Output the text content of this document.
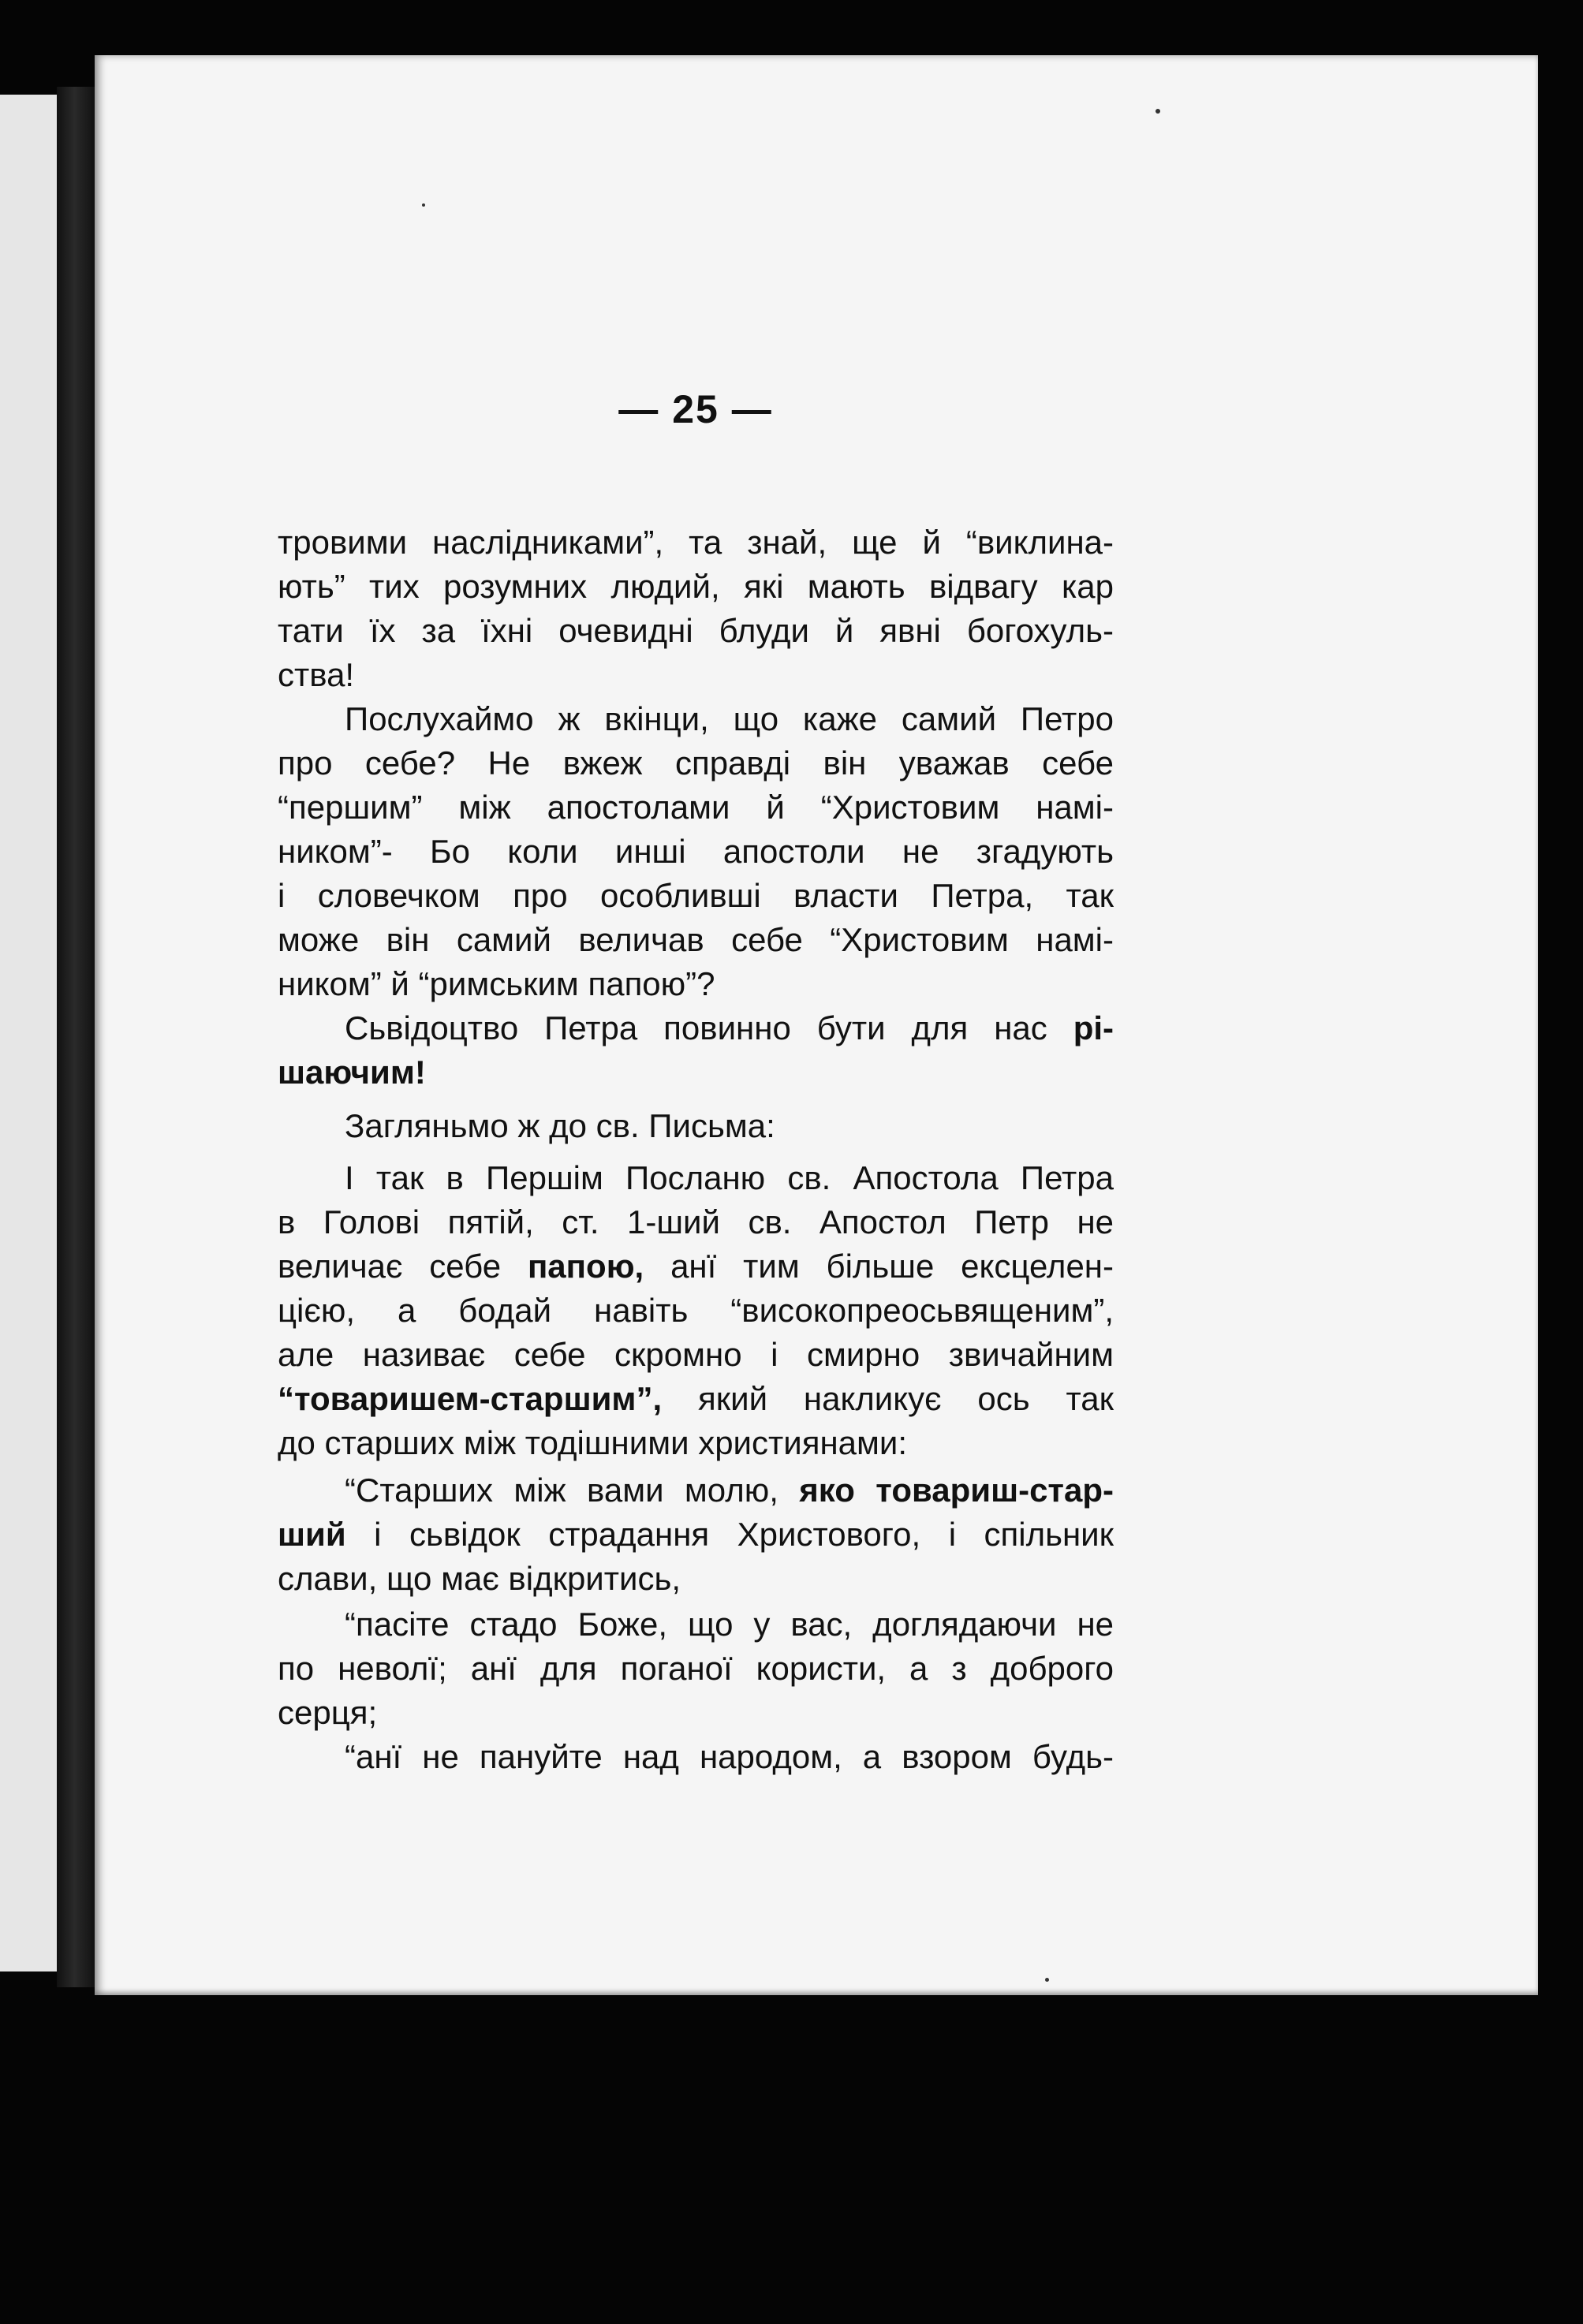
— 25 —
тровими наслідниками”, та знай, ще й “виклина-
ють” тих розумних людий, які мають відвагу кар
тати їх за їхні очевидні блуди й явні богохуль-
ства!
Послухаймо ж вкінци, що каже самий Петро
про себе? Не вжеж справді він уважав себе
“першим” між апостолами й “Христовим намі-
ником”- Бо коли инші апостоли не згадують
і словечком про особливші власти Петра, так
може він самий величав себе “Христовим намі-
ником” й “римським папою”?
Сьвідоцтво Петра повинно бути для нас рі-
шаючим!
Загляньмо ж до св. Письма:
І так в Першім Посланю св. Апостола Петра
в Голові пятій, ст. 1-ший св. Апостол Петр не
величає себе папою, анї тим більше ексцелен-
цією, а бодай навіть “високопреосьвященим”,
але називає себе скромно і смирно звичайним
“товаришем-старшим”, який накликує ось так
до старших між тодішними християнами:
“Старших між вами молю, яко товариш-стар-
ший і сьвідок страдання Христового, і спільник
слави, що має відкритись,
“пасіте стадо Боже, що у вас, доглядаючи не
по неволї; анї для поганої користи, а з доброго
серця;
“анї не пануйте над народом, а взором будь-
